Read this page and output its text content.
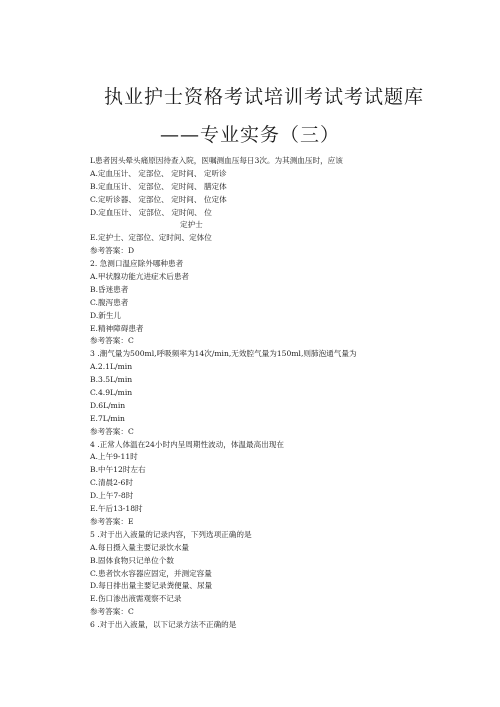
执业护士资格考试培训考试考试题库
——专业实务（三）
L患者因头晕头痛原因待查入院，医嘱测血压每日3次。为其测血压时，应该
A.定血压计、 定部位、 定时间、 定听诊
B.定血压计、 定部位、 定时间、 膳定体
C.定听诊器、 定部位、 定时间、 位定体
D.定血压计、 定部位、 定时间、 位
定护士
E.定护士、定部位、定时间、定体位
参考答案：D
2. 急测口温应除外哪种患者
A.甲状腺功能亢进症术后患者
B.昏迷患者
C.腹泻患者
D.新生儿
E.精神障碍患者
参考答案：C
3 .潮气量为500ml,呼吸频率为14次/min,无效腔气量为150ml,则肺泡通气量为
A.2.1L/min
B.3.5L/min
C.4.9L/min
D.6L/min
E.7L/min
参考答案：C
4 .正常人体温在24小时内呈周期性波动，体温最高出现在
A.上午9-11时
B.中午12时左右
C.清晨2-6时
D.上午7-8时
E.午后13-18时
参考答案：E
5 .对于出入液量的记录内容，下列选项正确的是
A.每日摄入量主要记录饮水量
B.固体食物只记单位个数
C.患者饮水容器应固定，并测定容量
D.每日排出量主要记录粪便量、尿量
E.伤口渗出液需观察不记录
参考答案：C
6 .对于出入液量，以下记录方法不正确的是
